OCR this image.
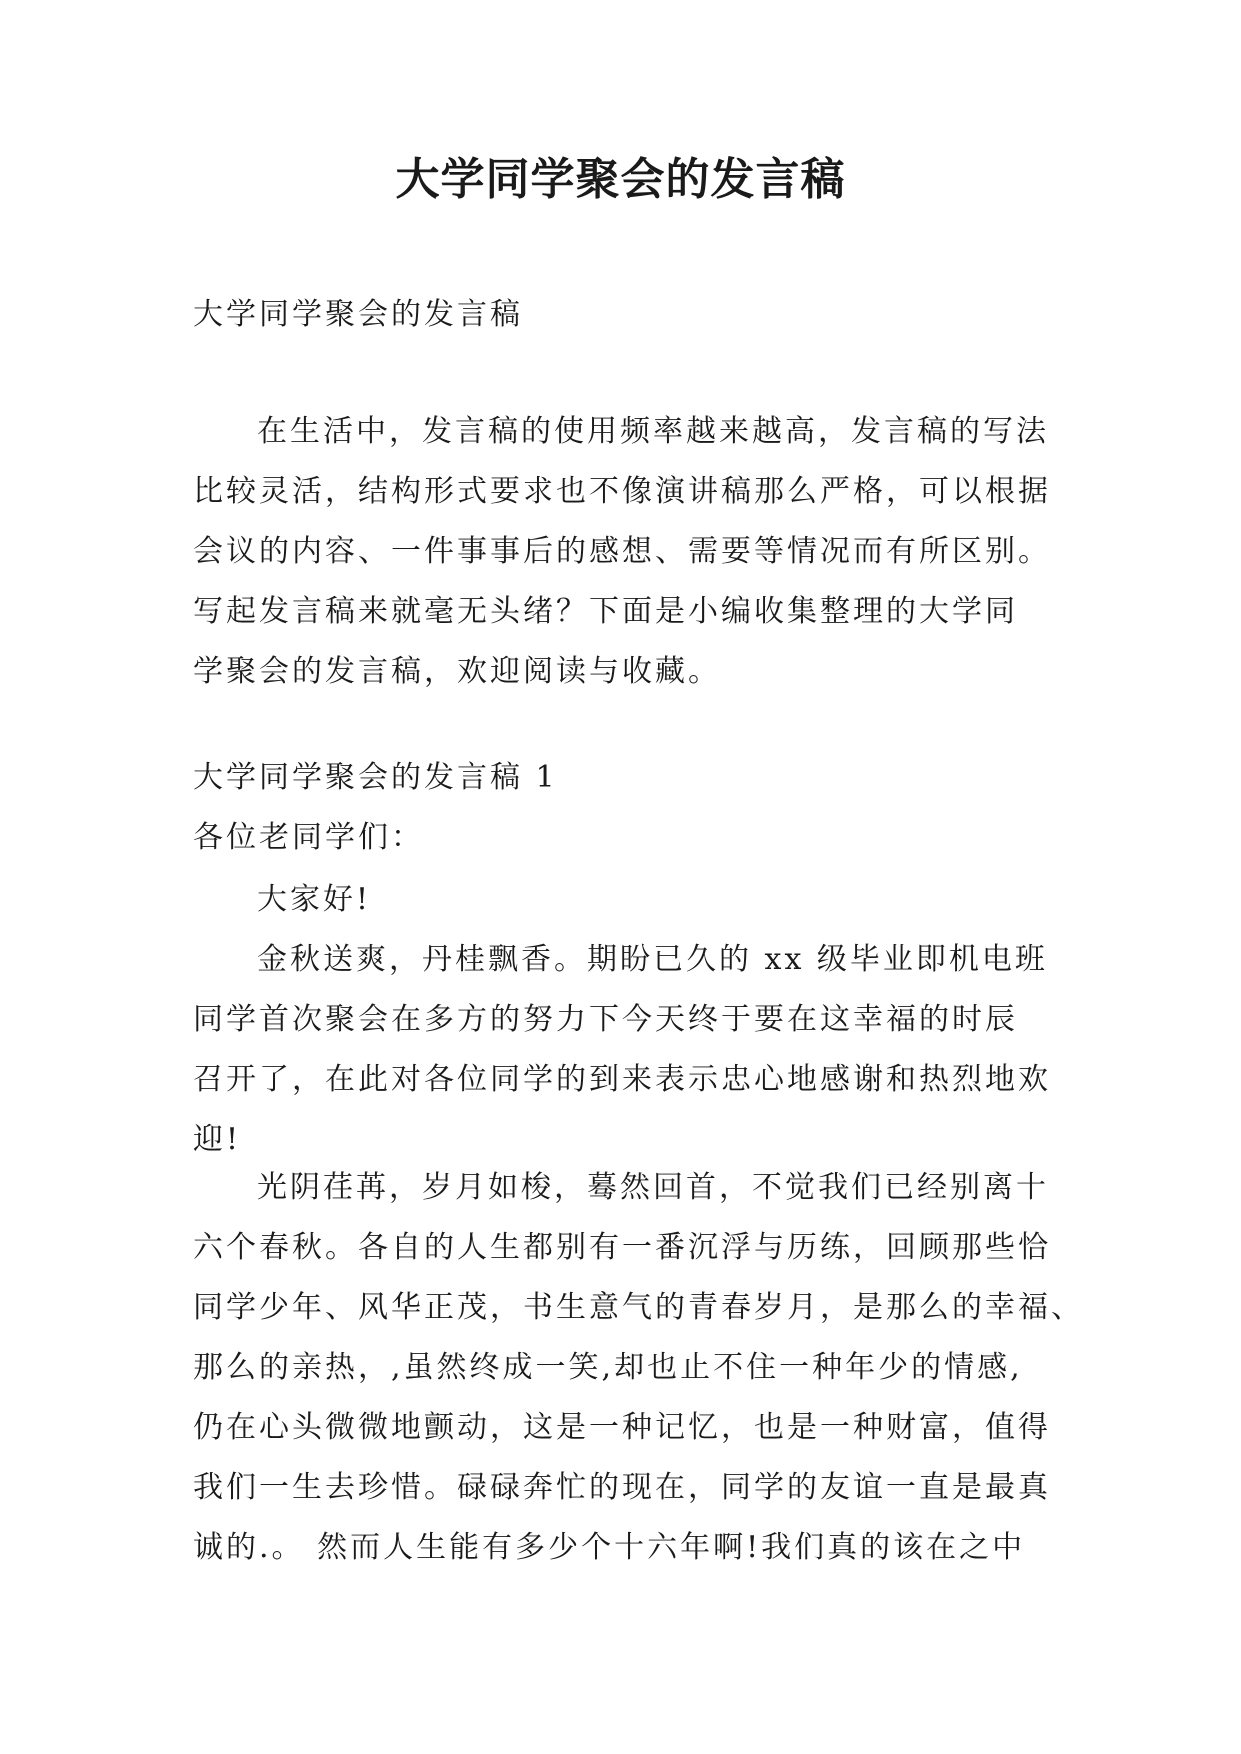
大学同学聚会的发言稿

大学同学聚会的发言稿

在生活中，发言稿的使用频率越来越高，发言稿的写法
比较灵活，结构形式要求也不像演讲稿那么严格，可以根据
会议的内容、一件事事后的感想、需要等情况而有所区别。
写起发言稿来就毫无头绪？下面是小编收集整理的大学同
学聚会的发言稿，欢迎阅读与收藏。

大学同学聚会的发言稿 1

各位老同学们：

大家好!

金秋送爽，丹桂飘香。期盼已久的 xx 级毕业即机电班
同学首次聚会在多方的努力下今天终于要在这幸福的时辰
召开了，在此对各位同学的到来表示忠心地感谢和热烈地欢
迎!
光阴荏苒，岁月如梭，蓦然回首，不觉我们已经别离十
六个春秋。各自的人生都别有一番沉浮与历练，回顾那些恰
同学少年、风华正茂，书生意气的青春岁月，是那么的幸福、
那么的亲热，,虽然终成一笑,却也止不住一种年少的情感,
仍在心头微微地颤动，这是一种记忆，也是一种财富，值得
我们一生去珍惜。碌碌奔忙的现在，同学的友谊一直是最真
诚的.。 然而人生能有多少个十六年啊!我们真的该在之中
